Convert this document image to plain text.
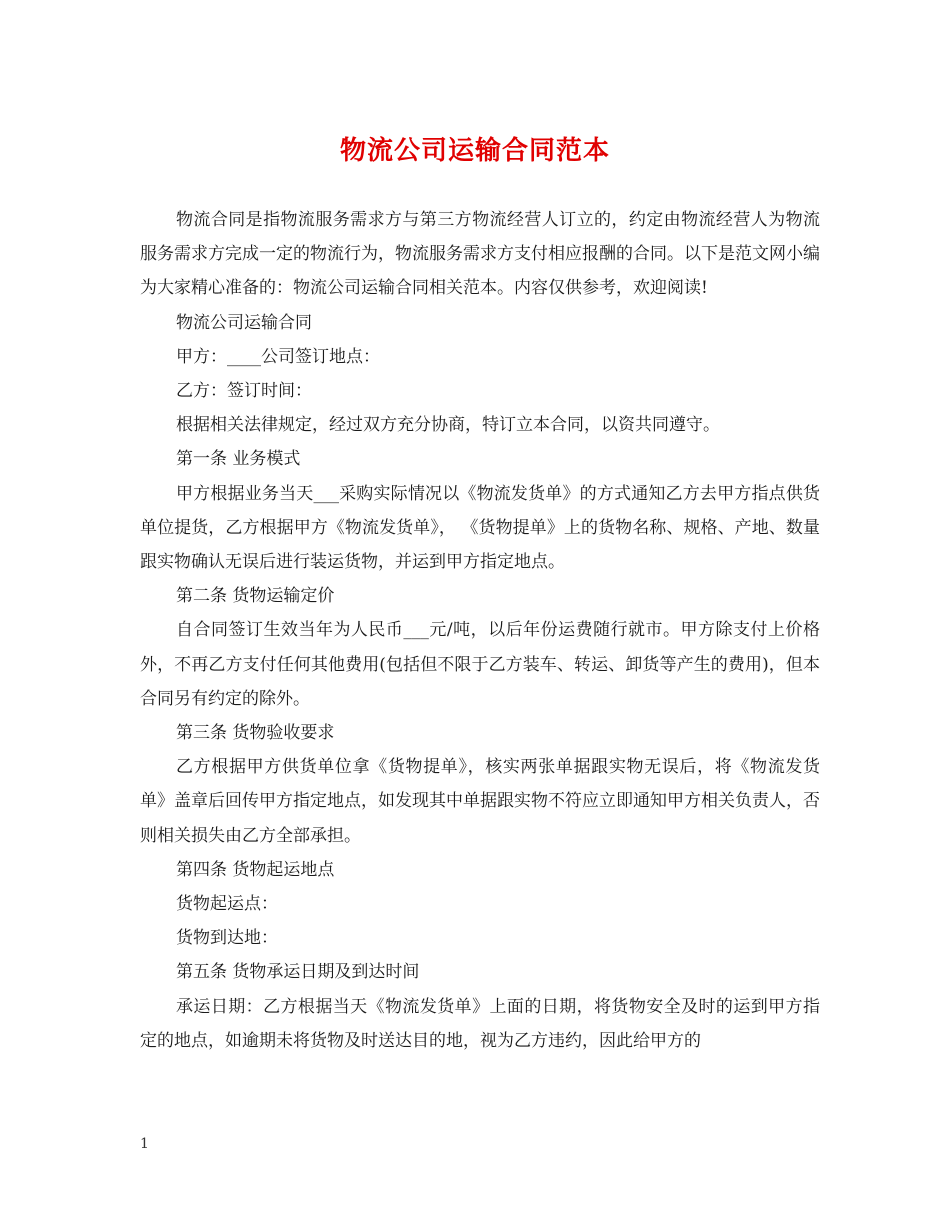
物流公司运输合同范本

物流合同是指物流服务需求方与第三方物流经营人订立的，约定由物流经营人为物流服务需求方完成一定的物流行为，物流服务需求方支付相应报酬的合同。以下是范文网小编为大家精心准备的：物流公司运输合同相关范本。内容仅供参考，欢迎阅读!

物流公司运输合同

甲方：____公司签订地点：

乙方：签订时间：

根据相关法律规定，经过双方充分协商，特订立本合同，以资共同遵守。

第一条 业务模式

甲方根据业务当天___采购实际情况以《物流发货单》的方式通知乙方去甲方指点供货单位提货，乙方根据甲方《物流发货单》， 《货物提单》上的货物名称、规格、产地、数量跟实物确认无误后进行装运货物，并运到甲方指定地点。

第二条 货物运输定价

自合同签订生效当年为人民币___元/吨，以后年份运费随行就市。甲方除支付上价格外，不再乙方支付任何其他费用(包括但不限于乙方装车、转运、卸货等产生的费用)，但本合同另有约定的除外。

第三条 货物验收要求

乙方根据甲方供货单位拿《货物提单》，核实两张单据跟实物无误后，将《物流发货单》盖章后回传甲方指定地点，如发现其中单据跟实物不符应立即通知甲方相关负责人，否则相关损失由乙方全部承担。

第四条 货物起运地点

货物起运点：

货物到达地：

第五条 货物承运日期及到达时间

承运日期：乙方根据当天《物流发货单》上面的日期，将货物安全及时的运到甲方指定的地点，如逾期未将货物及时送达目的地，视为乙方违约，因此给甲方的

1
